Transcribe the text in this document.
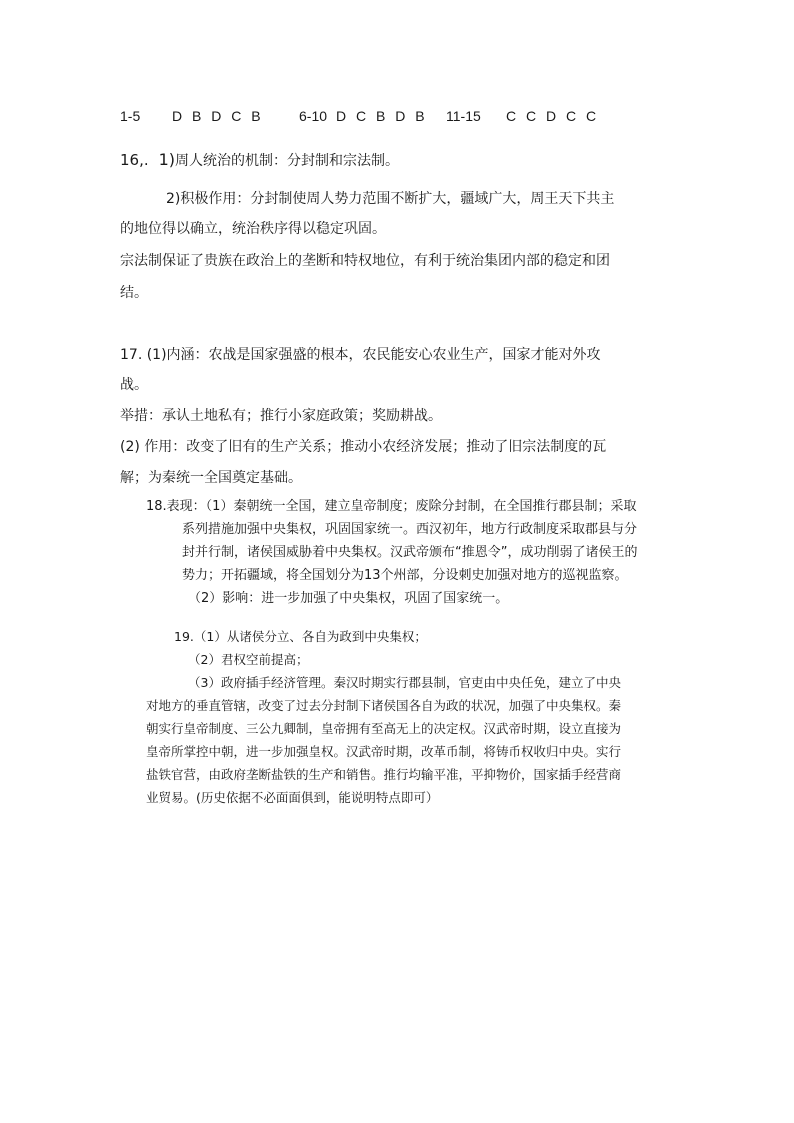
1-5 D B D C B	6-10 D C B D B 11-15 C C D C C
16,. 1)周人统治的机制：分封制和宗法制。
2)积极作用：分封制使周人势力范围不断扩大，疆域广大，周王天下共主
的地位得以确立，统治秩序得以稳定巩固。
宗法制保证了贵族在政治上的垄断和特权地位，有利于统治集团内部的稳定和团
结。
17. (1)内涵：农战是国家强盛的根本，农民能安心农业生产，国家才能对外攻
战。
举措：承认土地私有；推行小家庭政策；奖励耕战。
(2) 作用：改变了旧有的生产关系；推动小农经济发展；推动了旧宗法制度的瓦
解；为秦统一全国奠定基础。
18.表现：（1）秦朝统一全国，建立皇帝制度；废除分封制，在全国推行郡县制；采取
系列措施加强中央集权，巩固国家统一。西汉初年，地方行政制度采取郡县与分
封并行制，诸侯国威胁着中央集权。汉武帝颁布“推恩令”，成功削弱了诸侯王的
势力；开拓疆域，将全国划分为13个州部，分设刺史加强对地方的巡视监察。
（2）影响：进一步加强了中央集权，巩固了国家统一。
19.（1）从诸侯分立、各自为政到中央集权；
（2）君权空前提高；
（3）政府插手经济管理。秦汉时期实行郡县制，官吏由中央任免，建立了中央
对地方的垂直管辖，改变了过去分封制下诸侯国各自为政的状况，加强了中央集权。秦
朝实行皇帝制度、三公九卿制，皇帝拥有至高无上的决定权。汉武帝时期，设立直接为
皇帝所掌控中朝，进一步加强皇权。汉武帝时期，改革币制，将铸币权收归中央。实行
盐铁官营，由政府垄断盐铁的生产和销售。推行均输平准，平抑物价，国家插手经营商
业贸易。(历史依据不必面面俱到，能说明特点即可）
